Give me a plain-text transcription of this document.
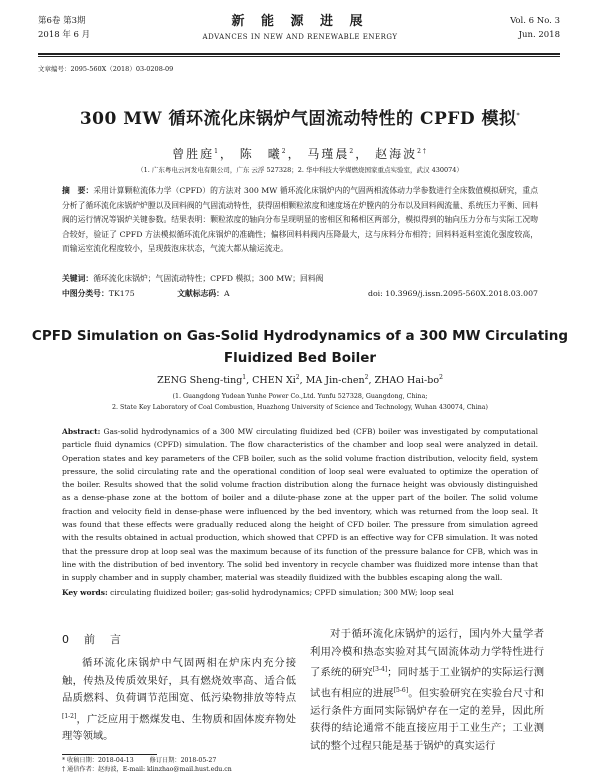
第6卷 第3期
2018 年 6 月
新 能 源 进 展
ADVANCES IN NEW AND RENEWABLE ENERGY
Vol. 6 No. 3
Jun. 2018
文章编号：2095-560X（2018）03-0208-09
300 MW 循环流化床锅炉气固流动特性的 CPFD 模拟*
曾胜庭$^1$， 陈　曦$^2$， 马瑾晨$^2$， 赵海波$^{2\dagger}$
（1. 广东粤电云河发电有限公司，广东 云浮 527328；2. 华中科技大学煤燃烧国家重点实验室，武汉 430074）
摘　要：采用计算颗粒流体力学（CPFD）的方法对 300 MW 循环流化床锅炉内的气固两相流体动力学参数进行全床数值模拟研究，重点分析了循环流化床锅炉炉膛以及回料阀的气固流动特性，获得固相颗粒浓度和速度场在炉膛内的分布以及回料阀流量、系统压力平衡、回料阀的运行情况等锅炉关键参数。结果表明：颗粒浓度的轴向分布呈现明显的密相区和稀相区两部分，模拟得到的轴向压力分布与实际工况吻合较好，验证了 CPFD 方法模拟循环流化床锅炉的准确性；偏移回料料阀内压降最大，这与床料分布相符；回料料返料室流化强度较高，而输运室流化程度较小，呈现鼓泡床状态，气流大都从输运流走。
关键词：循环流化床锅炉；气固流动特性；CPFD 模拟；300 MW；回料阀
中图分类号：TK175	文献标志码：A	doi: 10.3969/j.issn.2095-560X.2018.03.007
CPFD Simulation on Gas-Solid Hydrodynamics of a 300 MW Circulating
Fluidized Bed Boiler
ZENG Sheng-ting$^1$, CHEN Xi$^2$, MA Jin-chen$^2$, ZHAO Hai-$bo^2$
(1. Guangdong Yudean Yunhe Power Co.,Ltd. Yunfu 527328, Guangdong, China;
2. State Key Laboratory of Coal Combustion, Huazhong University of Science and Technology, Wuhan 430074, China)
Abstract: Gas-solid hydrodynamics of a 300 MW circulating fluidized bed (CFB) boiler was investigated by computational particle fluid dynamics (CPFD) simulation. The flow characteristics of the chamber and loop seal were analyzed in detail. Operation states and key parameters of the CFB boiler, such as the solid volume fraction distribution, velocity field, system pressure, the solid circulating rate and the operational condition of loop seal were evaluated to optimize the operation of the boiler. Results showed that the solid volume fraction distribution along the furnace height was obviously distinguished as a dense-phase zone at the bottom of boiler and a dilute-phase zone at the upper part of the boiler. The solid volume fraction and velocity field in dense-phase were influenced by the bed inventory, which was returned from the loop seal. It was found that these effects were gradually reduced along the height of CFD boiler. The pressure from simulation agreed with the results obtained in actual production, which showed that CPFD is an effective way for CFB simulation. It was noted that the pressure drop at loop seal was the maximum because of its function of the pressure balance for CFB, which was in line with the distribution of bed inventory. The solid bed inventory in recycle chamber was fluidized more intense than that in supply chamber and in supply chamber, material was steadily fluidized with the bubbles escaping along the wall.
Key words: circulating fluidized boiler; gas-solid hydrodynamics; CPFD simulation; 300 MW; loop seal
0　前　言
循环流化床锅炉中气固两相在炉床内充分接触，传热及传质效果好，具有燃烧效率高、适合低品质燃料、负荷调节范围宽、低污染物排放等特点[1-2]，广泛应用于燃煤发电、生物质和固体废弃物处理等领域。
对于循环流化床锅炉的运行，国内外大量学者利用冷模和热态实验对其气固流体动力学特性进行了系统的研究[3-4]；同时基于工业锅炉的实际运行测试也有相应的进展[5-6]。但实验研究在实验台尺寸和运行条件方面同实际锅炉存在一定的差异，因此所获得的结论通常不能直接应用于工业生产；工业测试的整个过程只能是基于锅炉的真实运行
* 收稿日期：2018-04-13	修订日期：2018-05-27
† 通信作者：赵海波，E-mail: klinzhao@mail.hust.edu.cn
